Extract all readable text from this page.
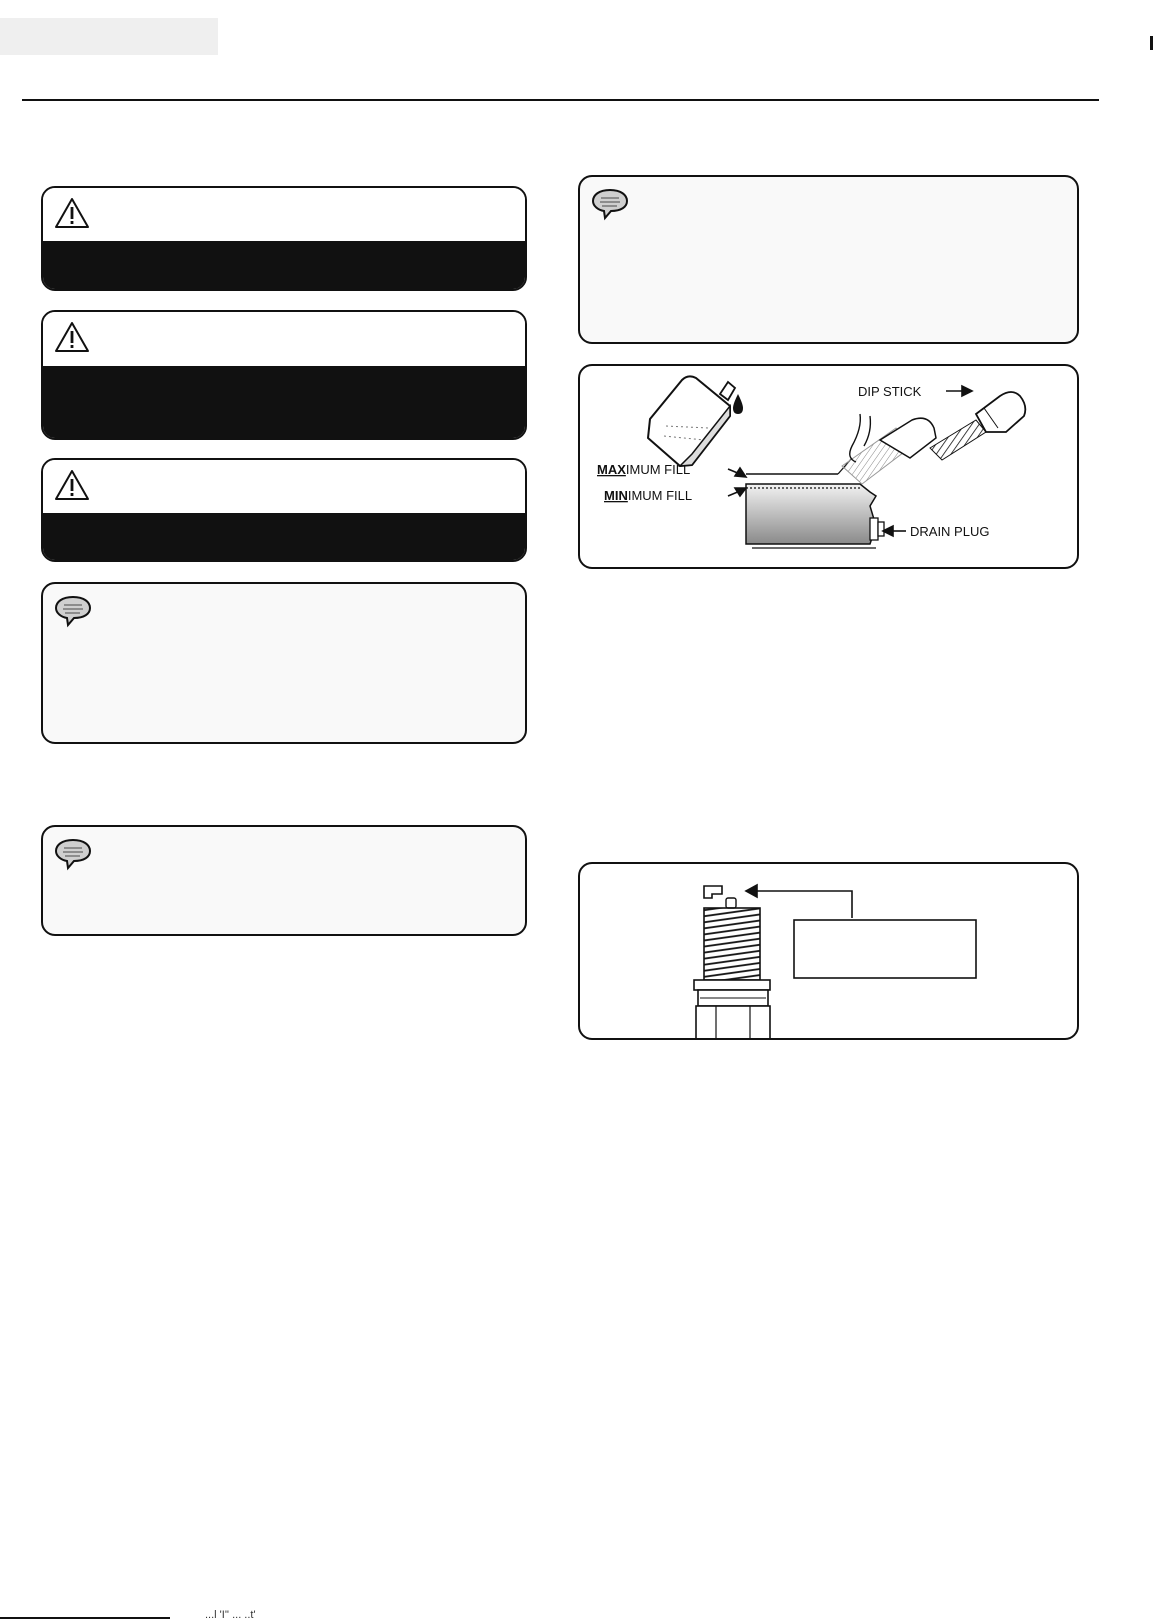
DIP STICK
MAXIMUM FILL
MINIMUM FILL
DRAIN PLUG
...l 'Ι'' ... ..t'
